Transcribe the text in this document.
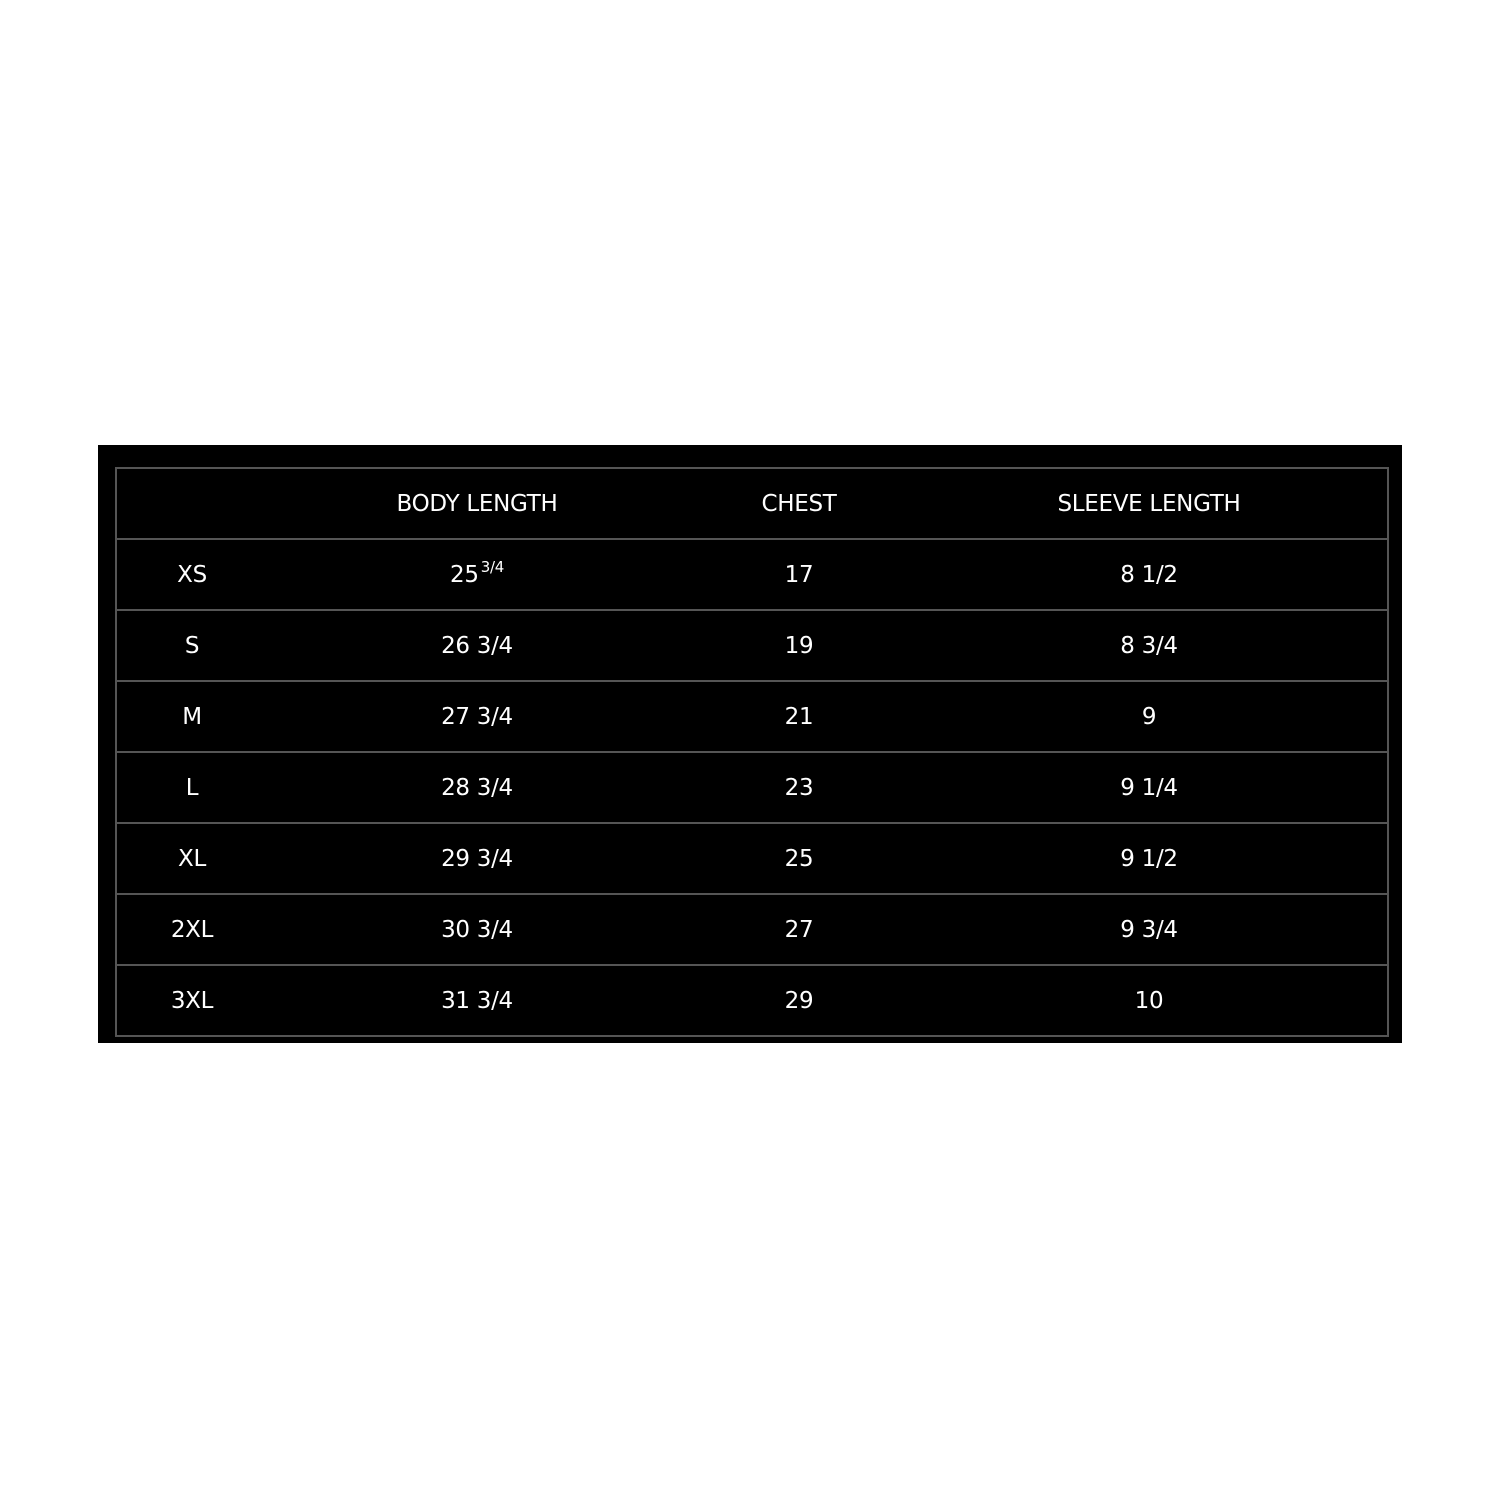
	BODY LENGTH	CHEST	SLEEVE LENGTH
XS	25 $^{3/4}$	17	8 1/2
S	26 3/4	19	8 3/4
M	27 3/4	21	9
L	28 3/4	23	9 1/4
XL	29 3/4	25	9 1/2
2XL	30 3/4	27	9 3/4
3XL	31 3/4	29	10
